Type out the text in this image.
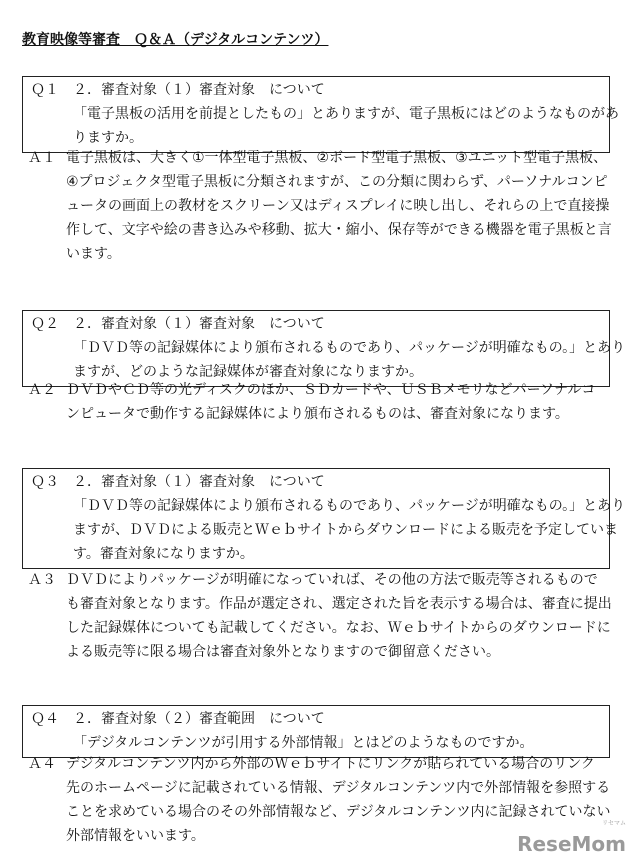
教育映像等審査　Ｑ＆Ａ（デジタルコンテンツ）
Ｑ１　２．審査対象（１）審査対象　について
「電子黒板の活用を前提としたもの」とありますが、電子黒板にはどのようなものがあ
りますか。
Ａ１ 電子黒板は、大きく①一体型電子黒板、②ボード型電子黒板、③ユニット型電子黒板、
④プロジェクタ型電子黒板に分類されますが、この分類に関わらず、パーソナルコンピ
ュータの画面上の教材をスクリーン又はディスプレイに映し出し、それらの上で直接操
作して、文字や絵の書き込みや移動、拡大・縮小、保存等ができる機器を電子黒板と言
います。
Ｑ２　２．審査対象（１）審査対象　について
「ＤＶＤ等の記録媒体により頒布されるものであり、パッケージが明確なもの。」とあり
ますが、どのような記録媒体が審査対象になりますか。
Ａ２ ＤＶＤやＣＤ等の光ディスクのほか、ＳＤカードや、ＵＳＢメモリなどパーソナルコ
ンピュータで動作する記録媒体により頒布されるものは、審査対象になります。
Ｑ３　２．審査対象（１）審査対象　について
「ＤＶＤ等の記録媒体により頒布されるものであり、パッケージが明確なもの。」とあり
ますが、ＤＶＤによる販売とＷｅｂサイトからダウンロードによる販売を予定していま
す。審査対象になりますか。
Ａ３ ＤＶＤによりパッケージが明確になっていれば、その他の方法で販売等されるもので
も審査対象となります。作品が選定され、選定された旨を表示する場合は、審査に提出
した記録媒体についても記載してください。なお、Ｗｅｂサイトからのダウンロードに
よる販売等に限る場合は審査対象外となりますので御留意ください。
Ｑ４　２．審査対象（２）審査範囲　について
「デジタルコンテンツが引用する外部情報」とはどのようなものですか。
Ａ４ デジタルコンテンツ内から外部のＷｅｂサイトにリンクが貼られている場合のリンク
先のホームページに記載されている情報、デジタルコンテンツ内で外部情報を参照する
ことを求めている場合のその外部情報など、デジタルコンテンツ内に記録されていない
外部情報をいいます。
リセマム
ReseMom
